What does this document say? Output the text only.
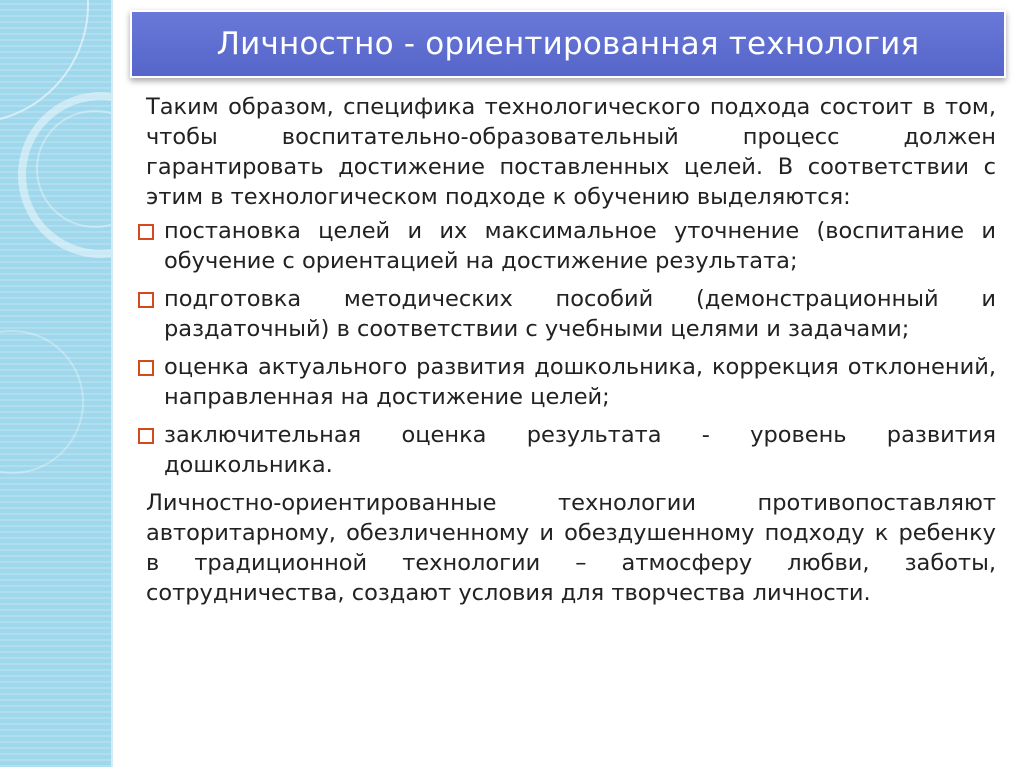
Личностно - ориентированная технология

Таким образом, специфика технологического подхода состоит в том, чтобы воспитательно-образовательный процесс должен гарантировать достижение поставленных целей. В соответствии с этим в технологическом подходе к обучению выделяются:

постановка целей и их максимальное уточнение (воспитание и обучение с ориентацией на достижение результата;
подготовка методических пособий (демонстрационный и раздаточный) в соответствии с учебными целями и задачами;
оценка актуального развития дошкольника, коррекция отклонений, направленная на достижение целей;
заключительная оценка результата - уровень развития дошкольника.

Личностно-ориентированные технологии противопоставляют авторитарному, обезличенному и обездушенному подходу к ребенку в традиционной технологии – атмосферу любви, заботы, сотрудничества, создают условия для творчества личности.
